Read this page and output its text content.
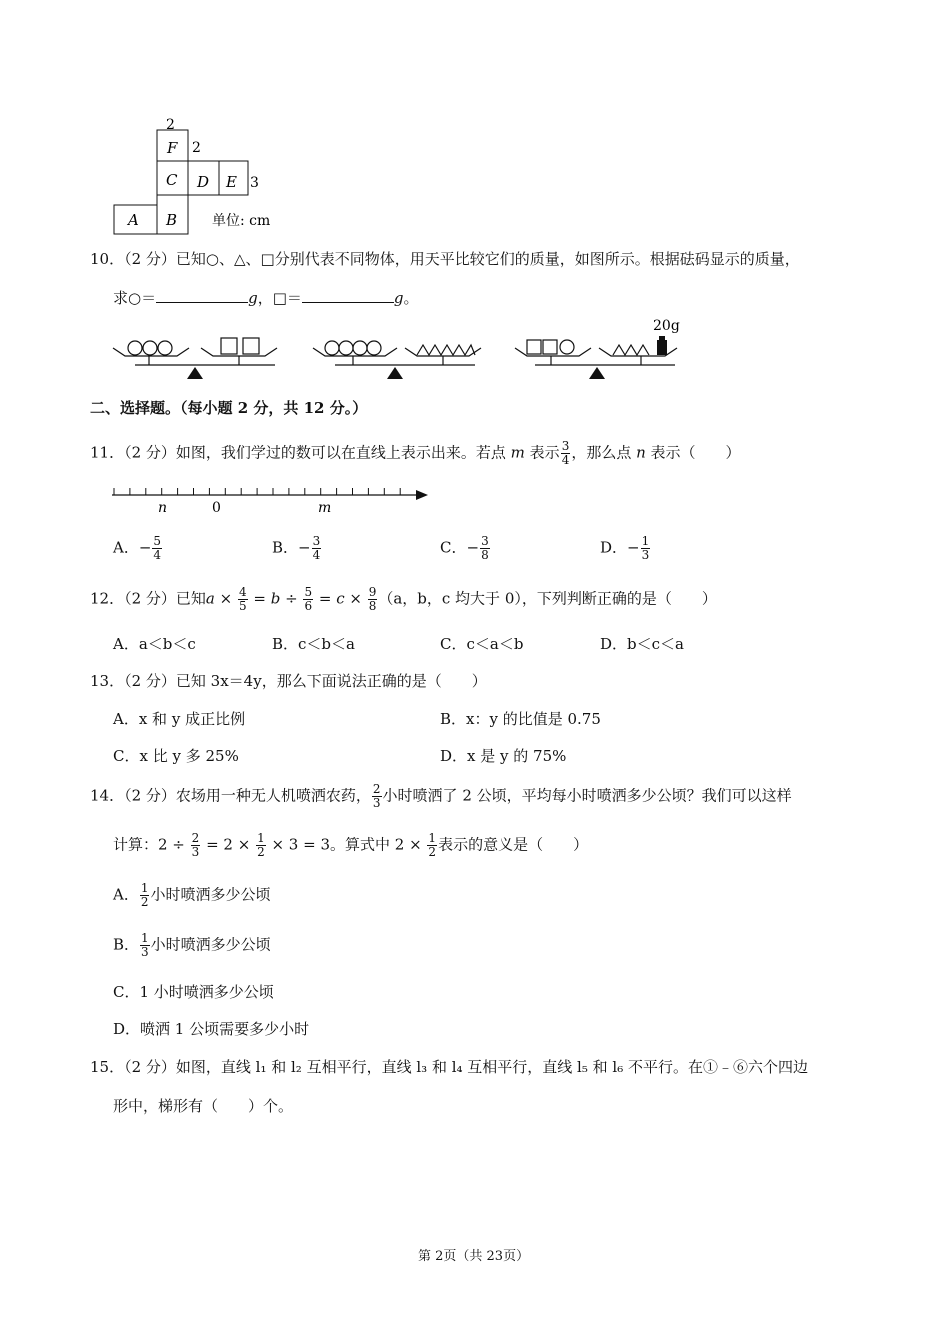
2
F 2
C D E 3
A B 单位: cm
10．（2 分）已知○、△、□分别代表不同物体，用天平比较它们的质量，如图所示。根据砝码显示的质量，
求○＝	g，□＝	g。
20g
二、选择题。（每小题 2 分，共 12 分。）
11．（2 分）如图，我们学过的数可以在直线上表示出来。若点 m 表示 $\frac{3}{4}$ ，那么点 n 表示（　　）
n	0	m
A．− $\frac{5}{4}$	B．− $\frac{3}{4}$	C．− $\frac{3}{8}$	D．− $\frac{1}{3}$
12．（2 分）已知$a \times \frac{4}{5} = b \div \frac{5}{6} = c \times \frac{9}{8} (a$，b，c 均大于 0），下列判断正确的是（　　）
A．a＜b＜c	B．c＜b＜a	C．c＜a＜b	D．b＜c＜a
13．（2 分）已知 3x＝4y，那么下面说法正确的是（　　）
A．x 和 y 成正比例	B．x：y 的比值是 0.75
C．x 比 y 多 25%	D．x 是 y 的 75%
14．（2 分）农场用一种无人机喷洒农药， $\frac{2}{3}$ 小时喷洒了 2 公顷，平均每小时喷洒多少公顷？我们可以这样
计算：$2 \div \frac{2}{3} = 2 \times \frac{1}{2} \times 3 = 3$。算式中 $2 \times \frac{1}{2}$ 表示的意义是（　　）
A． $\frac{1}{2}$ 小时喷洒多少公顷
B． $\frac{1}{3}$ 小时喷洒多少公顷
C．1 小时喷洒多少公顷
D．喷洒 1 公顷需要多少小时
15．（2 分）如图，直线 l₁ 和 l₂ 互相平行，直线 l₃ 和 l₄ 互相平行，直线 l₅ 和 l₆ 不平行。在①﹣⑥六个四边
形中，梯形有（　　）个。
第 2页（共 23页）
